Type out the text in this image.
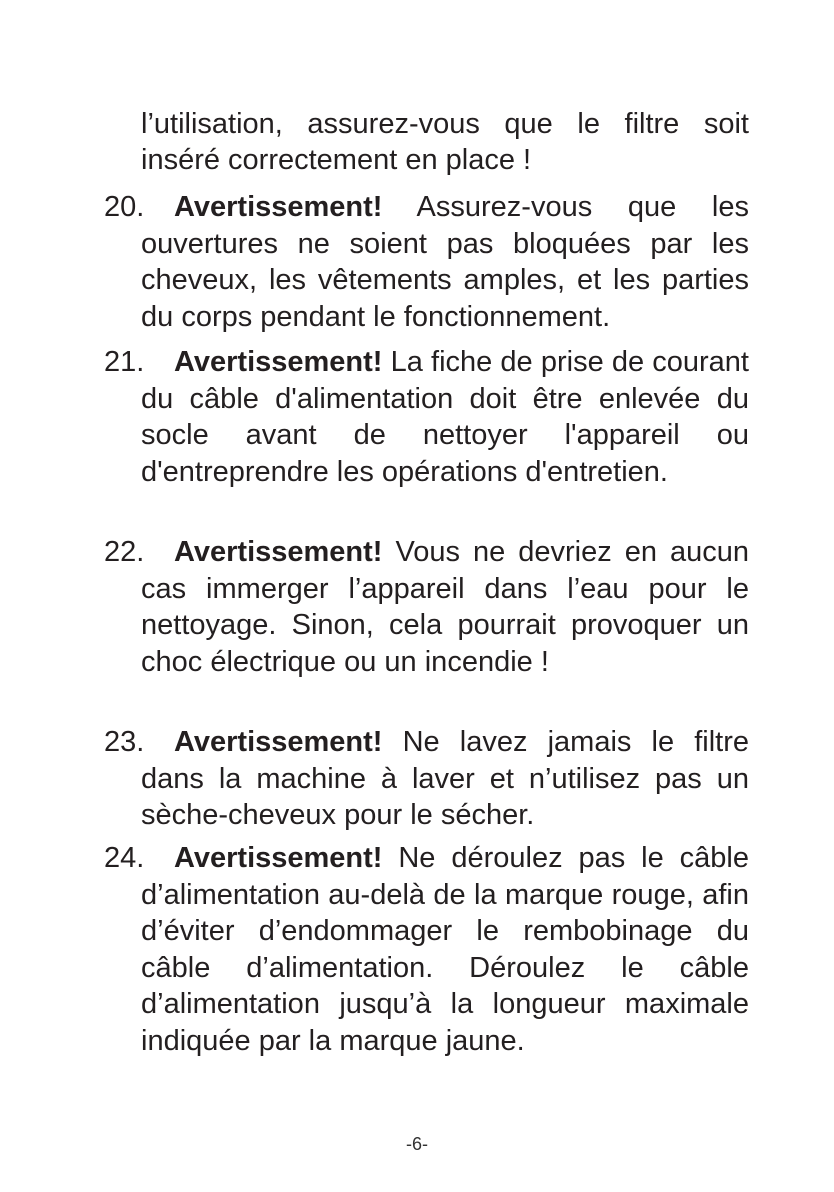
l’utilisation, assurez-vous que le filtre soit inséré correctement en place !

20.	Avertissement! Assurez-vous que les ouvertures ne soient pas bloquées par les cheveux, les vêtements amples, et les parties du corps pendant le fonctionnement.
21.	Avertissement! La fiche de prise de courant du câble d'alimentation doit être enlevée du socle avant de nettoyer l'appareil ou d'entreprendre les opérations d'entretien.
22.	Avertissement! Vous ne devriez en aucun cas immerger l’appareil dans l’eau pour le nettoyage. Sinon, cela pourrait provoquer un choc électrique ou un incendie !
23.	Avertissement! Ne lavez jamais le filtre dans la machine à laver et n’utilisez pas un sèche-cheveux pour le sécher.
24.	Avertissement! Ne déroulez pas le câble d’alimentation au-delà de la marque rouge, afin d’éviter d’endommager le rembobinage du câble d’alimentation. Déroulez le câble d’alimentation jusqu’à la longueur maximale indiquée par la marque jaune.
-6-
